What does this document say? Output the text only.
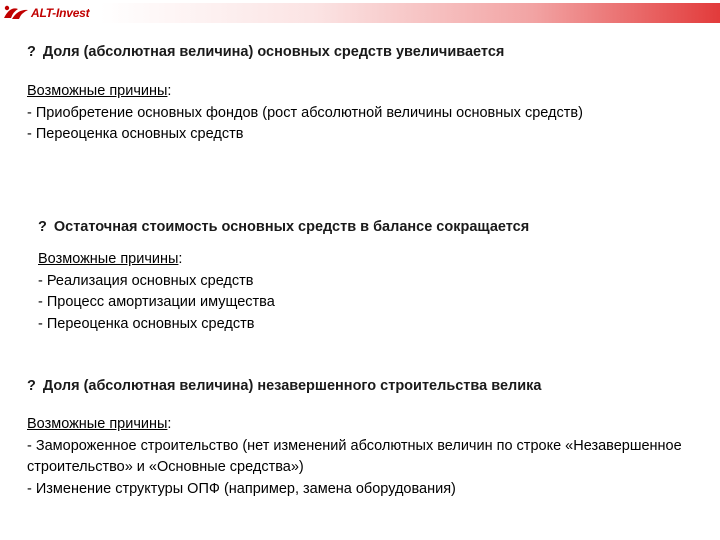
ALT-Invest
? Доля (абсолютная величина) основных средств увеличивается

Возможные причины:

- Приобретение основных фондов (рост абсолютной величины основных средств)

- Переоценка основных средств

? Остаточная стоимость основных средств в балансе сокращается

Возможные причины:

- Реализация основных средств

- Процесс амортизации имущества

- Переоценка основных средств

? Доля (абсолютная величина) незавершенного строительства велика

Возможные причины:

- Замороженное строительство (нет изменений абсолютных величин по строке «Незавершенное строительство» и «Основные средства»)

- Изменение структуры ОПФ (например, замена оборудования)
